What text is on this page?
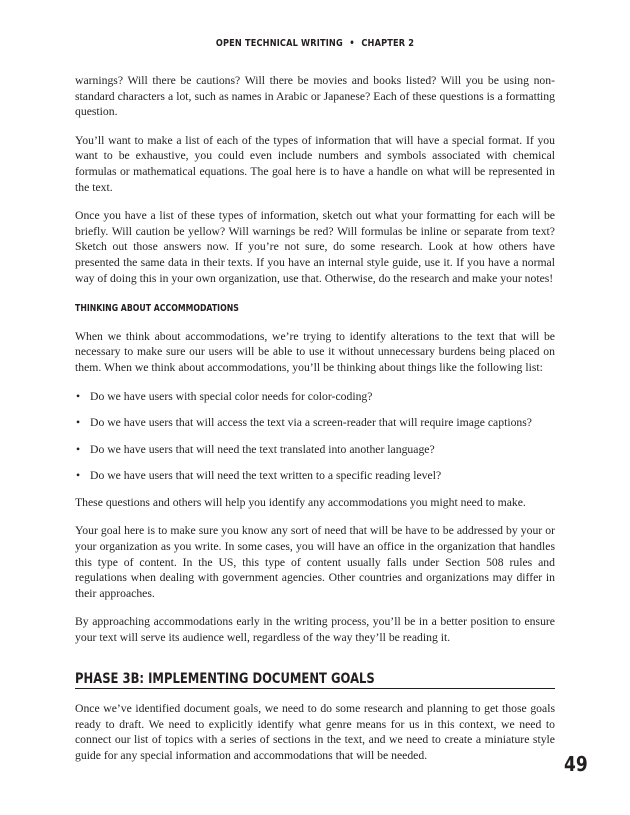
OPEN TECHNICAL WRITING • CHAPTER 2

warnings? Will there be cautions? Will there be movies and books listed? Will you be using non-standard characters a lot, such as names in Arabic or Japanese? Each of these questions is a formatting question.

You’ll want to make a list of each of the types of information that will have a special format. If you want to be exhaustive, you could even include numbers and symbols associated with chemical formulas or mathematical equations. The goal here is to have a handle on what will be represented in the text.

Once you have a list of these types of information, sketch out what your formatting for each will be briefly. Will caution be yellow? Will warnings be red? Will formulas be inline or separate from text? Sketch out those answers now. If you’re not sure, do some research. Look at how others have presented the same data in their texts. If you have an internal style guide, use it. If you have a normal way of doing this in your own organization, use that. Otherwise, do the research and make your notes!

THINKING ABOUT ACCOMMODATIONS

When we think about accommodations, we’re trying to identify alterations to the text that will be necessary to make sure our users will be able to use it without unnecessary burdens being placed on them. When we think about accommodations, you’ll be thinking about things like the following list:

• Do we have users with special color needs for color-coding?
• Do we have users that will access the text via a screen-reader that will require image captions?
• Do we have users that will need the text translated into another language?
• Do we have users that will need the text written to a specific reading level?

These questions and others will help you identify any accommodations you might need to make.

Your goal here is to make sure you know any sort of need that will be have to be addressed by your or your organization as you write. In some cases, you will have an office in the organization that handles this type of content. In the US, this type of content usually falls under Section 508 rules and regulations when dealing with government agencies. Other countries and organizations may differ in their approaches.

By approaching accommodations early in the writing process, you’ll be in a better position to ensure your text will serve its audience well, regardless of the way they’ll be reading it.

PHASE 3B: IMPLEMENTING DOCUMENT GOALS

Once we’ve identified document goals, we need to do some research and planning to get those goals ready to draft. We need to explicitly identify what genre means for us in this context, we need to connect our list of topics with a series of sections in the text, and we need to create a miniature style guide for any special information and accommodations that will be needed.	49
